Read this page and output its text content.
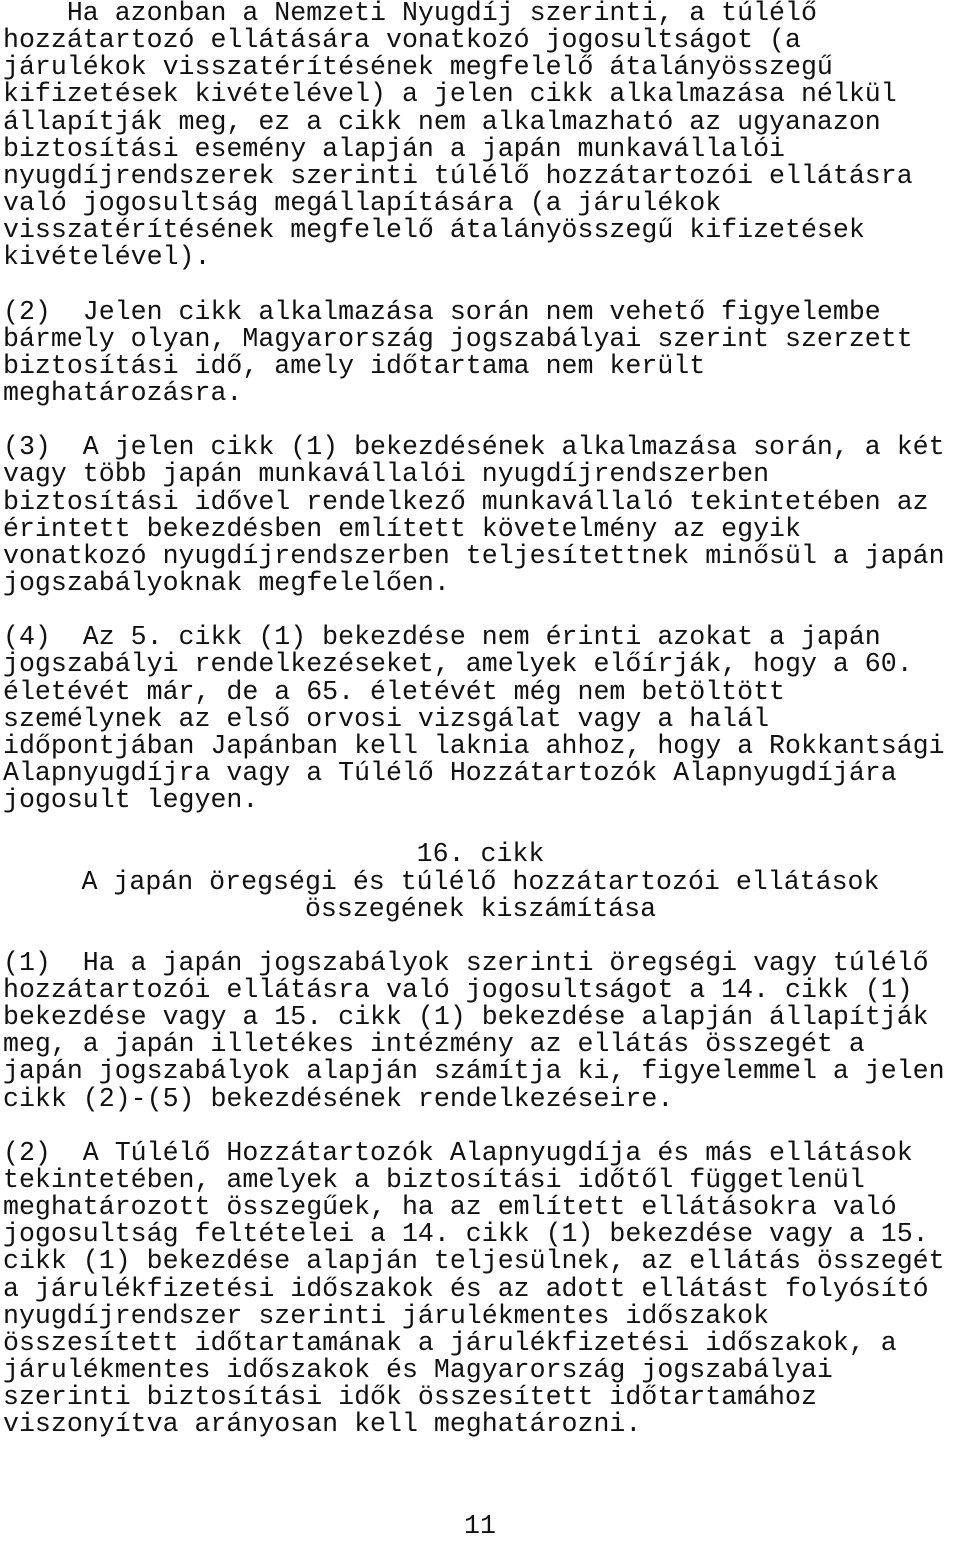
Ha azonban a Nemzeti Nyugdíj szerinti, a túlélő
hozzátartozó ellátására vonatkozó jogosultságot (a
járulékok visszatérítésének megfelelő átalányösszegű
kifizetések kivételével) a jelen cikk alkalmazása nélkül
állapítják meg, ez a cikk nem alkalmazható az ugyanazon
biztosítási esemény alapján a japán munkavállalói
nyugdíjrendszerek szerinti túlélő hozzátartozói ellátásra
való jogosultság megállapítására (a járulékok
visszatérítésének megfelelő átalányösszegű kifizetések
kivételével).
(2)  Jelen cikk alkalmazása során nem vehető figyelembe
bármely olyan, Magyarország jogszabályai szerint szerzett
biztosítási idő, amely időtartama nem került
meghatározásra.
(3)  A jelen cikk (1) bekezdésének alkalmazása során, a két
vagy több japán munkavállalói nyugdíjrendszerben
biztosítási idővel rendelkező munkavállaló tekintetében az
érintett bekezdésben említett követelmény az egyik
vonatkozó nyugdíjrendszerben teljesítettnek minősül a japán
jogszabályoknak megfelelően.
(4)  Az 5. cikk (1) bekezdése nem érinti azokat a japán
jogszabályi rendelkezéseket, amelyek előírják, hogy a 60.
életévét már, de a 65. életévét még nem betöltött
személynek az első orvosi vizsgálat vagy a halál
időpontjában Japánban kell laknia ahhoz, hogy a Rokkantsági
Alapnyugdíjra vagy a Túlélő Hozzátartozók Alapnyugdíjára
jogosult legyen.
16. cikk
A japán öregségi és túlélő hozzátartozói ellátások
összegének kiszámítása
(1)  Ha a japán jogszabályok szerinti öregségi vagy túlélő
hozzátartozói ellátásra való jogosultságot a 14. cikk (1)
bekezdése vagy a 15. cikk (1) bekezdése alapján állapítják
meg, a japán illetékes intézmény az ellátás összegét a
japán jogszabályok alapján számítja ki, figyelemmel a jelen
cikk (2)-(5) bekezdésének rendelkezéseire.
(2)  A Túlélő Hozzátartozók Alapnyugdíja és más ellátások
tekintetében, amelyek a biztosítási időtől függetlenül
meghatározott összegűek, ha az említett ellátásokra való
jogosultság feltételei a 14. cikk (1) bekezdése vagy a 15.
cikk (1) bekezdése alapján teljesülnek, az ellátás összegét
a járulékfizetési időszakok és az adott ellátást folyósító
nyugdíjrendszer szerinti járulékmentes időszakok
összesített időtartamának a járulékfizetési időszakok, a
járulékmentes időszakok és Magyarország jogszabályai
szerinti biztosítási idők összesített időtartamához
viszonyítva arányosan kell meghatározni.
11
